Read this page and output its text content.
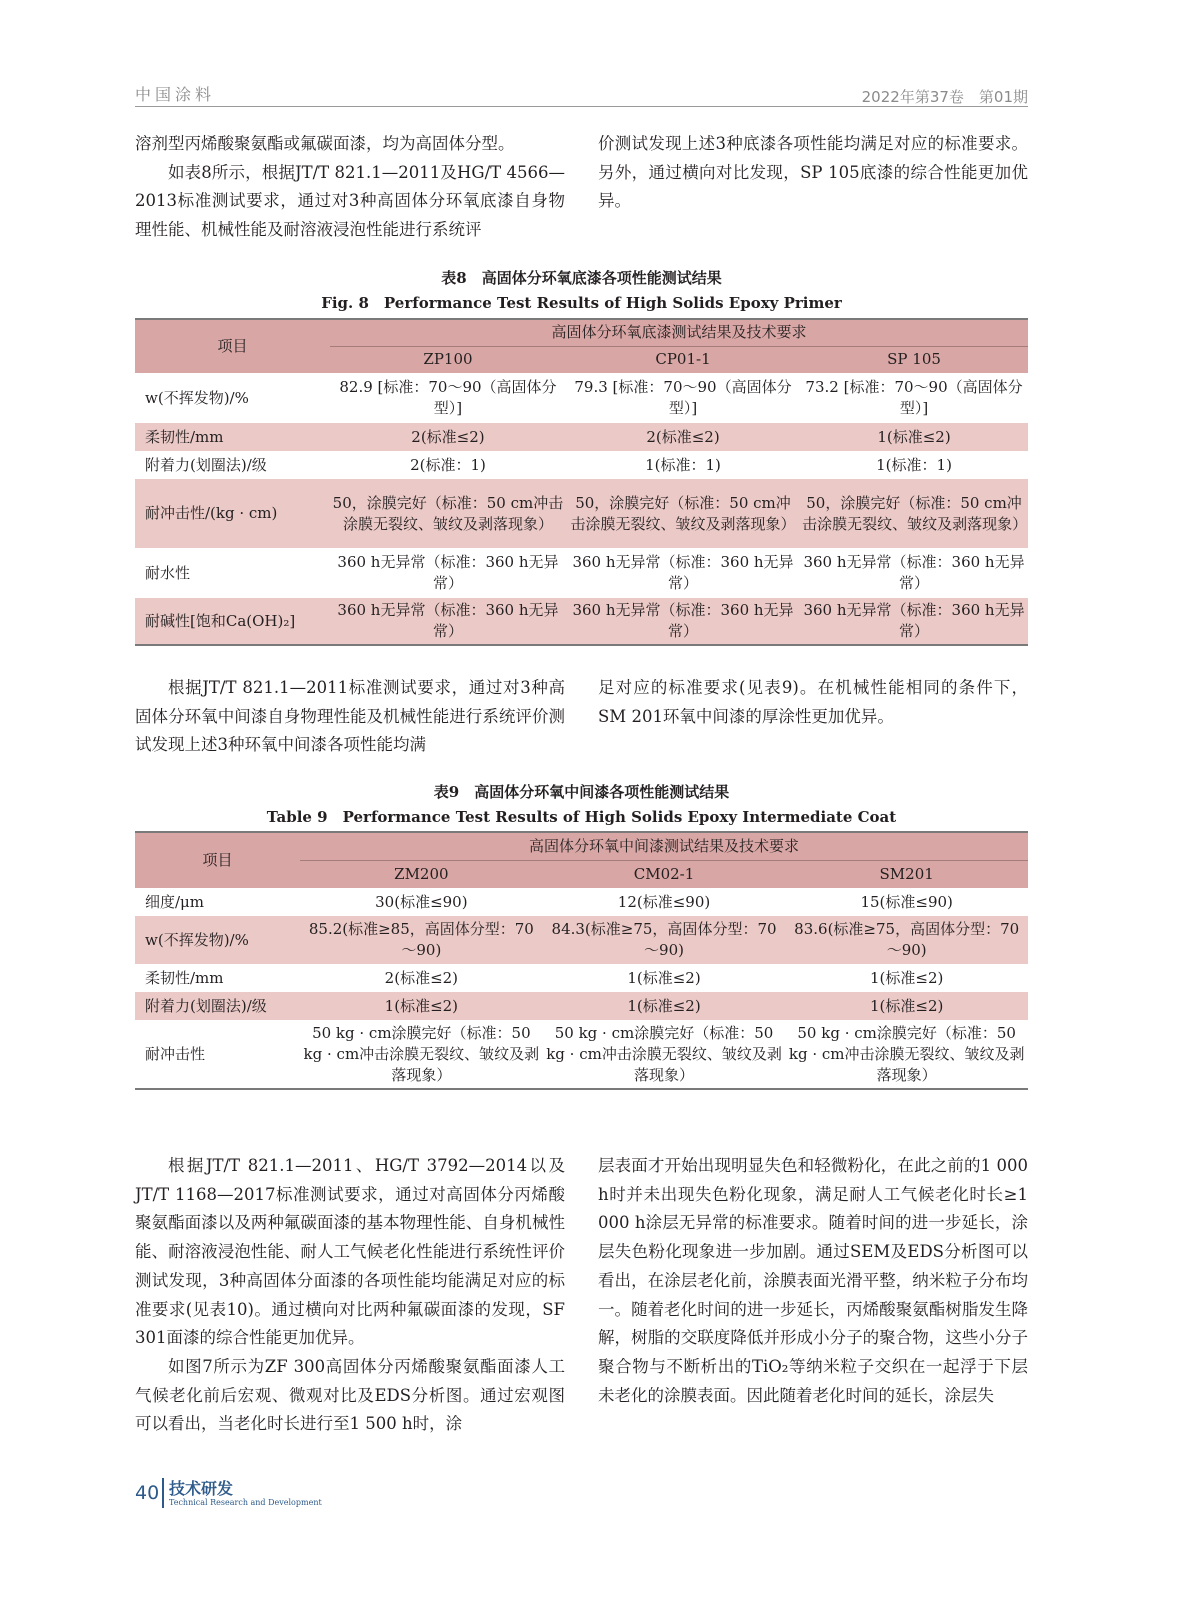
中国涂料	2022年第37卷　第01期

溶剂型丙烯酸聚氨酯或氟碳面漆，均为高固体分型。

如表8所示，根据JT/T 821.1—2011及HG/T 4566—2013标准测试要求，通过对3种高固体分环氧底漆自身物理性能、机械性能及耐溶液浸泡性能进行系统评

价测试发现上述3种底漆各项性能均满足对应的标准要求。另外，通过横向对比发现，SP 105底漆的综合性能更加优异。

表8　高固体分环氧底漆各项性能测试结果
Fig. 8　Performance Test Results of High Solids Epoxy Primer
项目	高固体分环氧底漆测试结果及技术要求		
	ZP100	CP01-1	SP 105
w(不挥发物)/%	82.9 [标准：70～90（高固体分型）]	79.3 [标准：70～90（高固体分型）]	73.2 [标准：70～90（高固体分型）]
柔韧性/mm	2(标准≤2)	2(标准≤2)	1(标准≤2)
附着力(划圈法)/级	2(标准：1)	1(标准：1)	1(标准：1)
耐冲击性/(kg · cm)	50，涂膜完好（标准：50 cm冲击涂膜无裂纹、皱纹及剥落现象）	50，涂膜完好（标准：50 cm冲击涂膜无裂纹、皱纹及剥落现象）	50，涂膜完好（标准：50 cm冲击涂膜无裂纹、皱纹及剥落现象）
耐水性	360 h无异常（标准：360 h无异常）	360 h无异常（标准：360 h无异常）	360 h无异常（标准：360 h无异常）
耐碱性[饱和Ca(OH)₂]	360 h无异常（标准：360 h无异常）	360 h无异常（标准：360 h无异常）	360 h无异常（标准：360 h无异常）

根据JT/T 821.1—2011标准测试要求，通过对3种高固体分环氧中间漆自身物理性能及机械性能进行系统评价测试发现上述3种环氧中间漆各项性能均满

足对应的标准要求(见表9)。在机械性能相同的条件下，SM 201环氧中间漆的厚涂性更加优异。

表9　高固体分环氧中间漆各项性能测试结果
Table 9　Performance Test Results of High Solids Epoxy Intermediate Coat
项目	高固体分环氧中间漆测试结果及技术要求		
	ZM200	CM02-1	SM201
细度/μm	30(标准≤90)	12(标准≤90)	15(标准≤90)
w(不挥发物)/%	85.2(标准≥85，高固体分型：70～90)	84.3(标准≥75，高固体分型：70～90)	83.6(标准≥75，高固体分型：70～90)
柔韧性/mm	2(标准≤2)	1(标准≤2)	1(标准≤2)
附着力(划圈法)/级	1(标准≤2)	1(标准≤2)	1(标准≤2)
耐冲击性	50 kg · cm涂膜完好（标准：50 kg · cm冲击涂膜无裂纹、皱纹及剥落现象）	50 kg · cm涂膜完好（标准：50 kg · cm冲击涂膜无裂纹、皱纹及剥落现象）	50 kg · cm涂膜完好（标准：50 kg · cm冲击涂膜无裂纹、皱纹及剥落现象）

根据JT/T 821.1—2011、HG/T 3792—2014以及JT/T 1168—2017标准测试要求，通过对高固体分丙烯酸聚氨酯面漆以及两种氟碳面漆的基本物理性能、自身机械性能、耐溶液浸泡性能、耐人工气候老化性能进行系统性评价测试发现，3种高固体分面漆的各项性能均能满足对应的标准要求(见表10)。通过横向对比两种氟碳面漆的发现，SF 301面漆的综合性能更加优异。

如图7所示为ZF 300高固体分丙烯酸聚氨酯面漆人工气候老化前后宏观、微观对比及EDS分析图。通过宏观图可以看出，当老化时长进行至1 500 h时，涂

层表面才开始出现明显失色和轻微粉化，在此之前的1 000 h时并未出现失色粉化现象，满足耐人工气候老化时长≥1 000 h涂层无异常的标准要求。随着时间的进一步延长，涂层失色粉化现象进一步加剧。通过SEM及EDS分析图可以看出，在涂层老化前，涂膜表面光滑平整，纳米粒子分布均一。随着老化时间的进一步延长，丙烯酸聚氨酯树脂发生降解，树脂的交联度降低并形成小分子的聚合物，这些小分子聚合物与不断析出的TiO₂等纳米粒子交织在一起浮于下层未老化的涂膜表面。因此随着老化时间的延长，涂层失

40 技术研发
Technical Research and Development
